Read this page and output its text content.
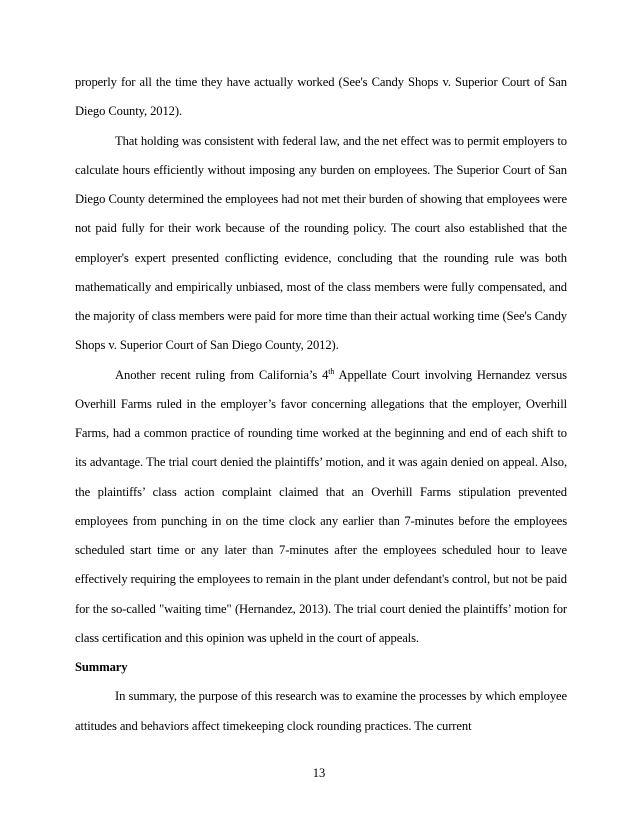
properly for all the time they have actually worked (See's Candy Shops v. Superior Court of San Diego County, 2012).

That holding was consistent with federal law, and the net effect was to permit employers to calculate hours efficiently without imposing any burden on employees. The Superior Court of San Diego County determined the employees had not met their burden of showing that employees were not paid fully for their work because of the rounding policy. The court also established that the employer's expert presented conflicting evidence, concluding that the rounding rule was both mathematically and empirically unbiased, most of the class members were fully compensated, and the majority of class members were paid for more time than their actual working time (See's Candy Shops v. Superior Court of San Diego County, 2012).

Another recent ruling from California’s 4th Appellate Court involving Hernandez versus Overhill Farms ruled in the employer’s favor concerning allegations that the employer, Overhill Farms, had a common practice of rounding time worked at the beginning and end of each shift to its advantage. The trial court denied the plaintiffs’ motion, and it was again denied on appeal. Also, the plaintiffs’ class action complaint claimed that an Overhill Farms stipulation prevented employees from punching in on the time clock any earlier than 7-minutes before the employees scheduled start time or any later than 7-minutes after the employees scheduled hour to leave effectively requiring the employees to remain in the plant under defendant's control, but not be paid for the so-called "waiting time" (Hernandez, 2013). The trial court denied the plaintiffs’ motion for class certification and this opinion was upheld in the court of appeals.

Summary

In summary, the purpose of this research was to examine the processes by which employee attitudes and behaviors affect timekeeping clock rounding practices. The current

13
